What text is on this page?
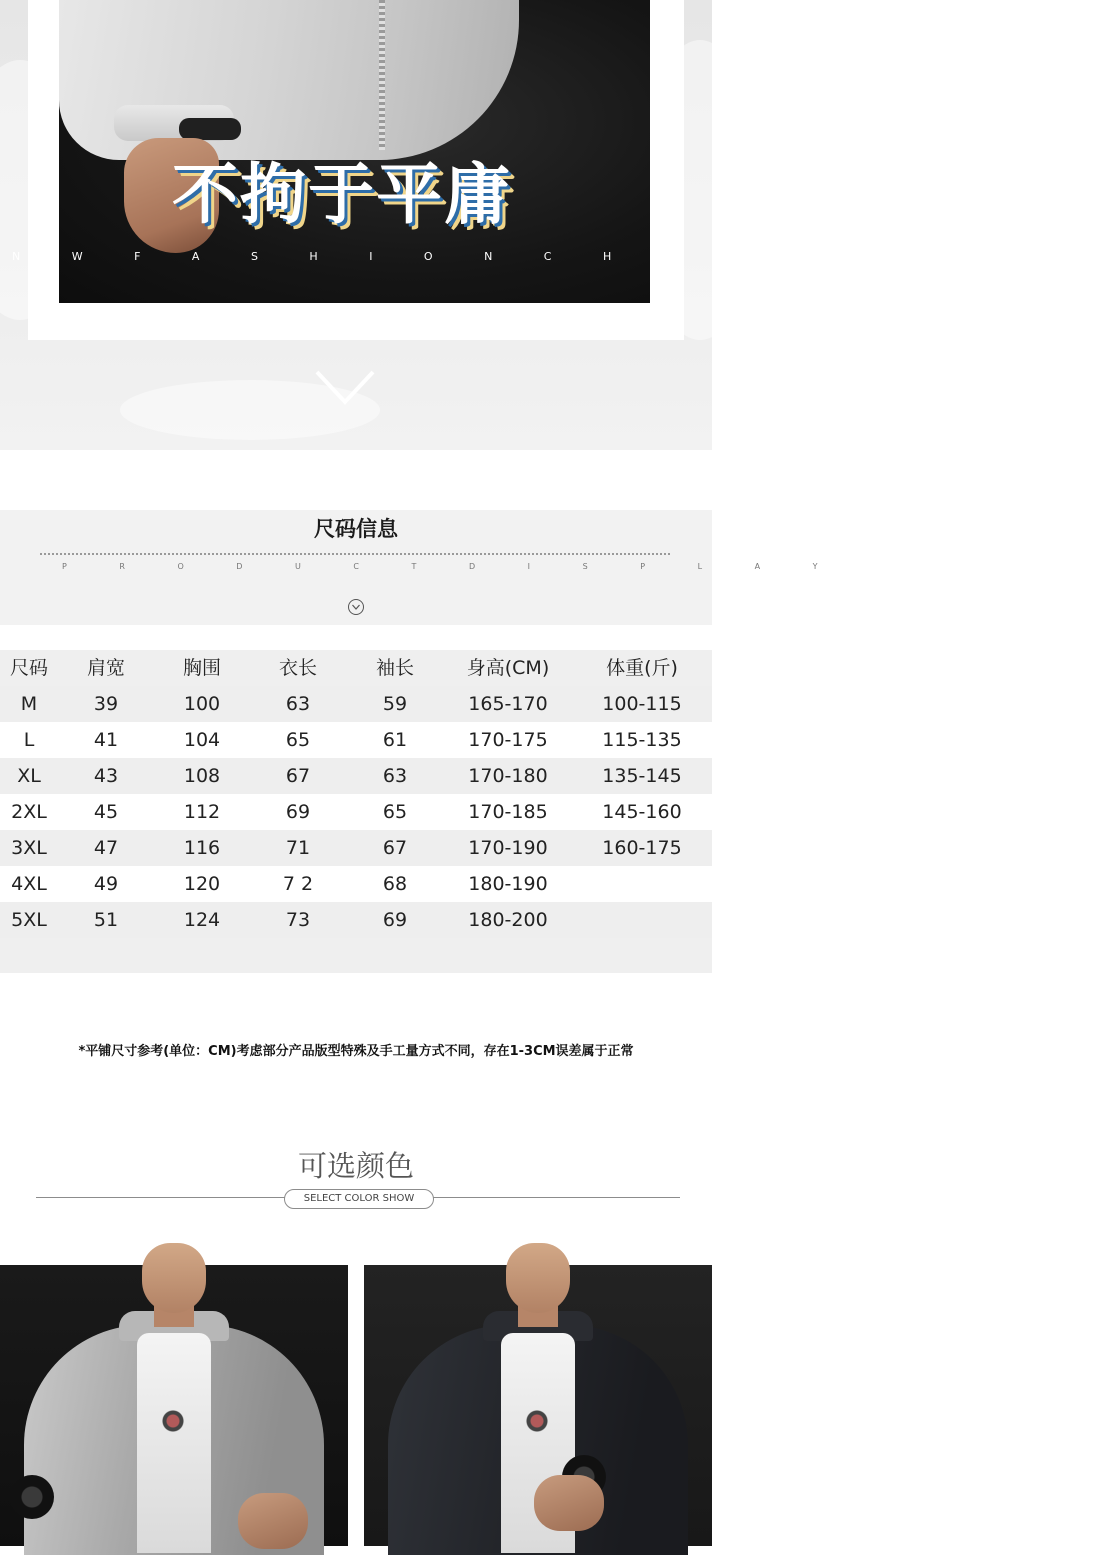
不拘于平庸
N W F A S H I O N C H A R M B L O O M
尺码信息
P R O D U C T D I S P L A Y
尺码	肩宽	胸围	衣长	袖长	身高(CM)	体重(斤)
M	39	100	63	59	165-170	100-115
L	41	104	65	61	170-175	115-135
XL	43	108	67	63	170-180	135-145
2XL	45	112	69	65	170-185	145-160
3XL	47	116	71	67	170-190	160-175
4XL	49	120	7 2	68	180-190	
5XL	51	124	73	69	180-200	
*平铺尺寸参考(单位：CM)考虑部分产品版型特殊及手工量方式不同，存在1-3CM误差属于正常
可选颜色
SELECT COLOR SHOW
